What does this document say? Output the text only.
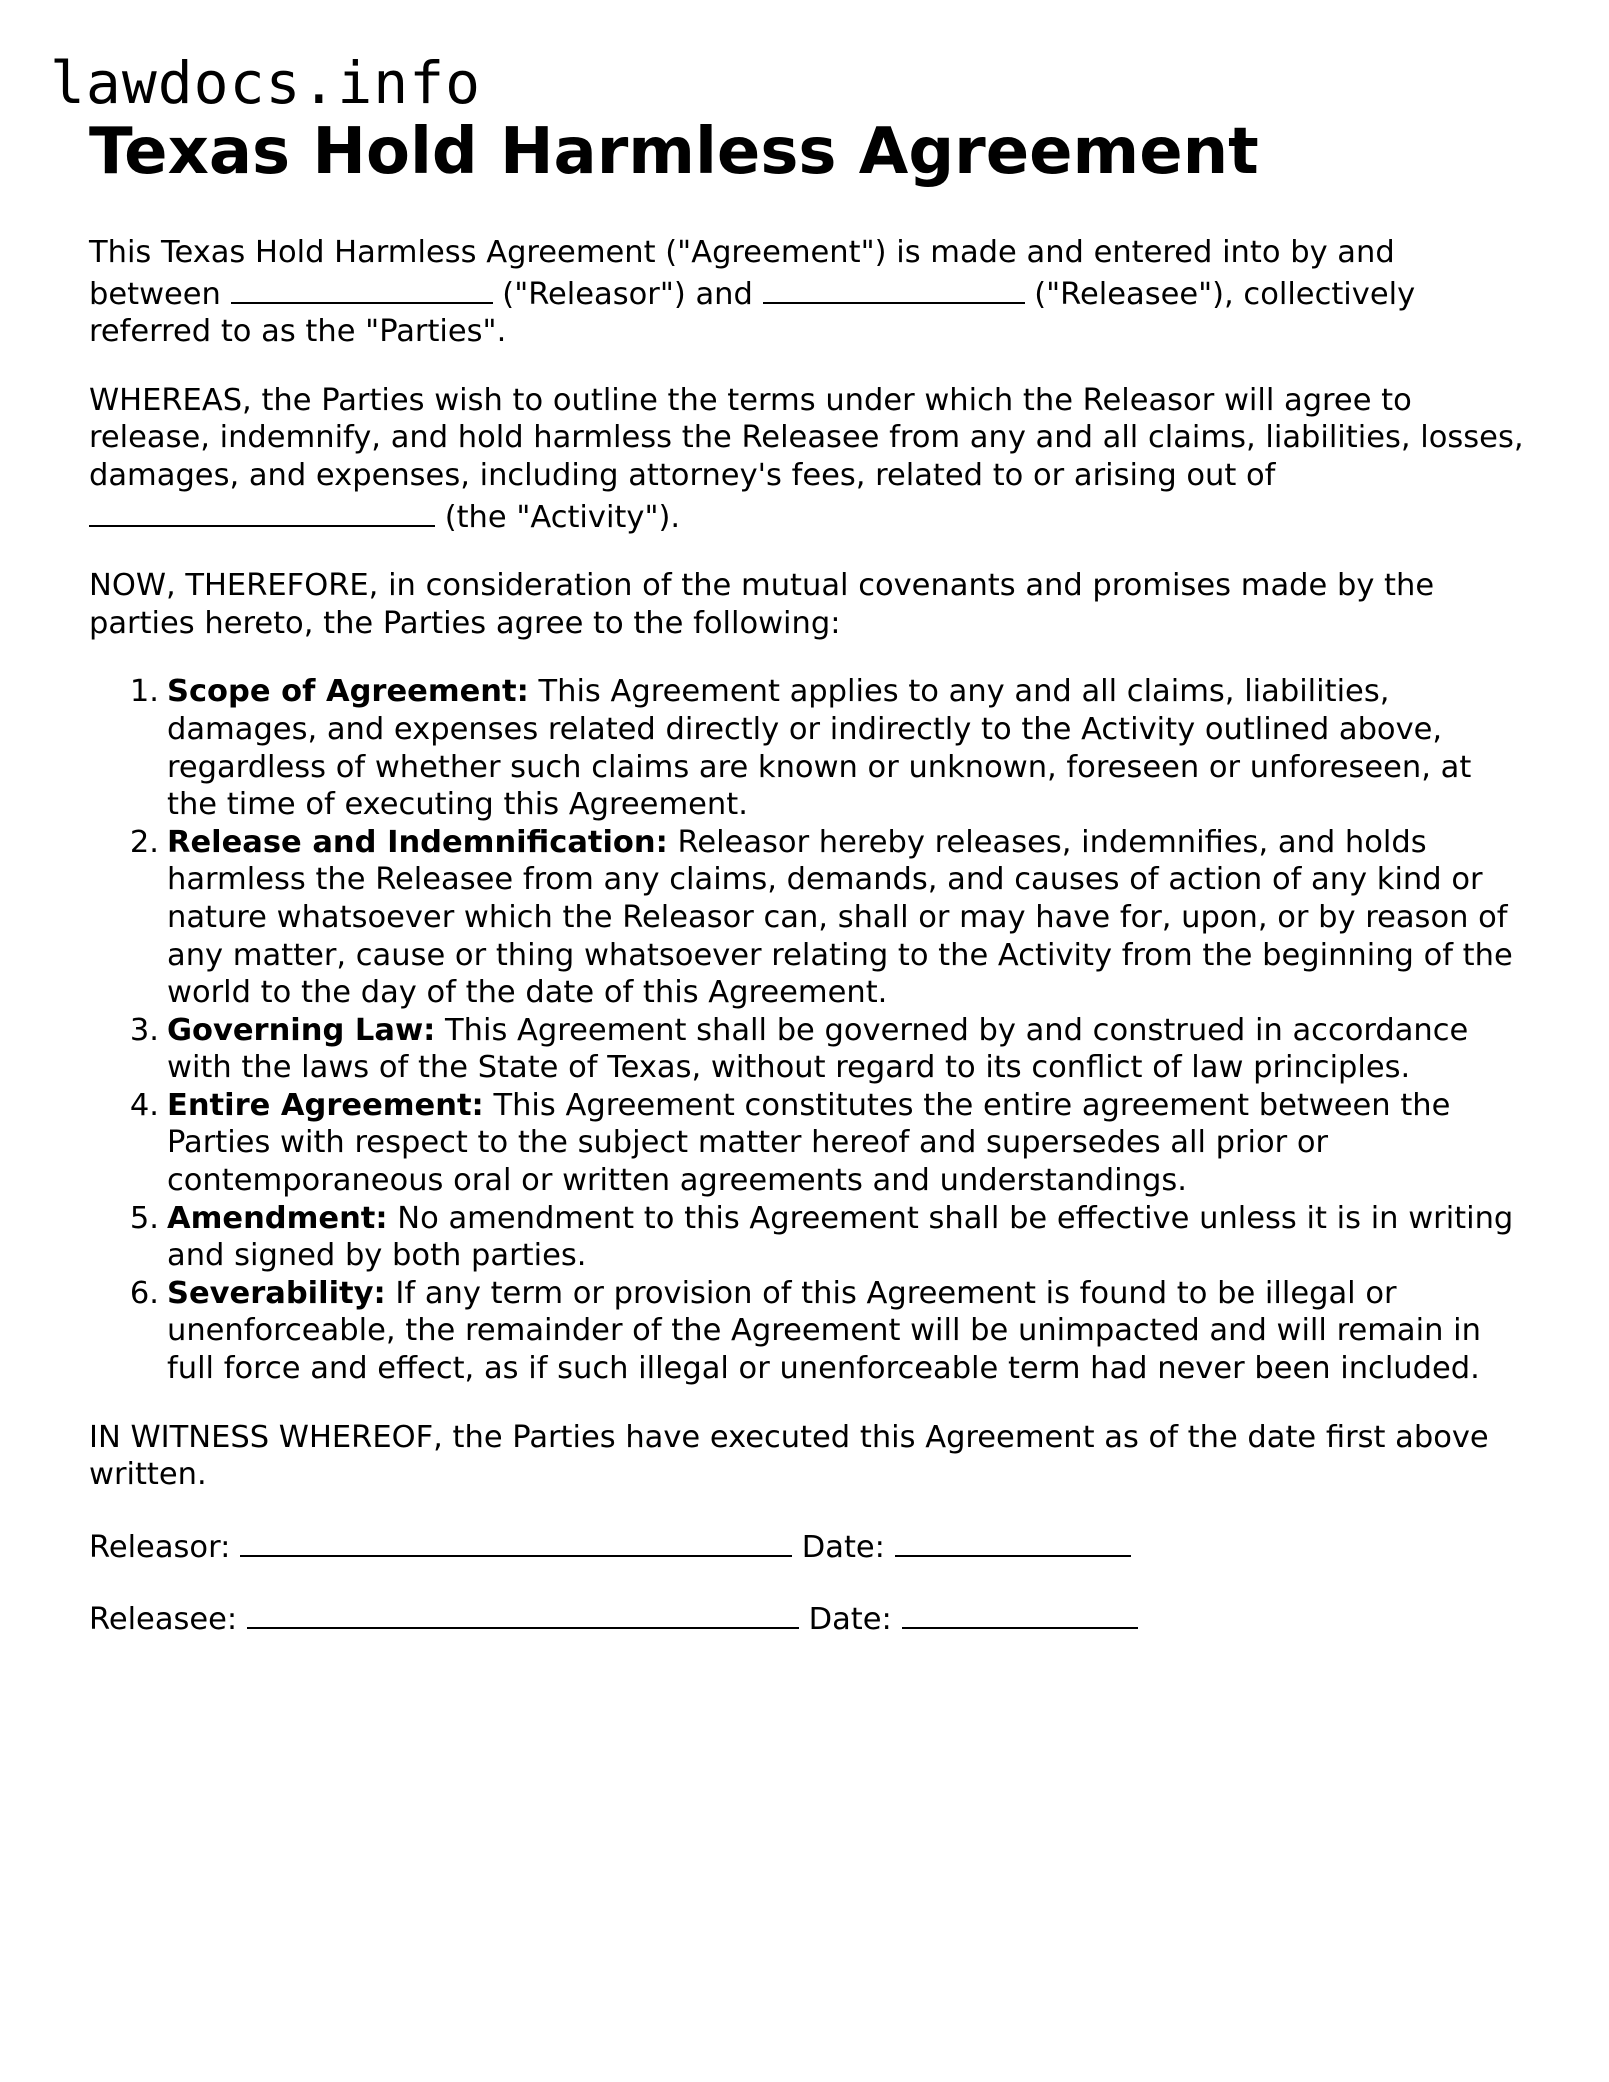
lawdocs.info
Texas Hold Harmless Agreement

This Texas Hold Harmless Agreement ("Agreement") is made and entered into by and between	("Releasor") and	("Releasee"), collectively referred to as the "Parties".

WHEREAS, the Parties wish to outline the terms under which the Releasor will agree to release, indemnify, and hold harmless the Releasee from any and all claims, liabilities, losses, damages, and expenses, including attorney's fees, related to or arising out of  (the "Activity").

NOW, THEREFORE, in consideration of the mutual covenants and promises made by the parties hereto, the Parties agree to the following:

1. Scope of Agreement: This Agreement applies to any and all claims, liabilities, damages, and expenses related directly or indirectly to the Activity outlined above, regardless of whether such claims are known or unknown, foreseen or unforeseen, at the time of executing this Agreement.
2. Release and Indemnification: Releasor hereby releases, indemnifies, and holds harmless the Releasee from any claims, demands, and causes of action of any kind or nature whatsoever which the Releasor can, shall or may have for, upon, or by reason of any matter, cause or thing whatsoever relating to the Activity from the beginning of the world to the day of the date of this Agreement.
3. Governing Law: This Agreement shall be governed by and construed in accordance with the laws of the State of Texas, without regard to its conflict of law principles.
4. Entire Agreement: This Agreement constitutes the entire agreement between the Parties with respect to the subject matter hereof and supersedes all prior or contemporaneous oral or written agreements and understandings.
5. Amendment: No amendment to this Agreement shall be effective unless it is in writing and signed by both parties.
6. Severability: If any term or provision of this Agreement is found to be illegal or unenforceable, the remainder of the Agreement will be unimpacted and will remain in full force and effect, as if such illegal or unenforceable term had never been included.

IN WITNESS WHEREOF, the Parties have executed this Agreement as of the date first above written.

Releasor:	Date:

Releasee:	Date:
